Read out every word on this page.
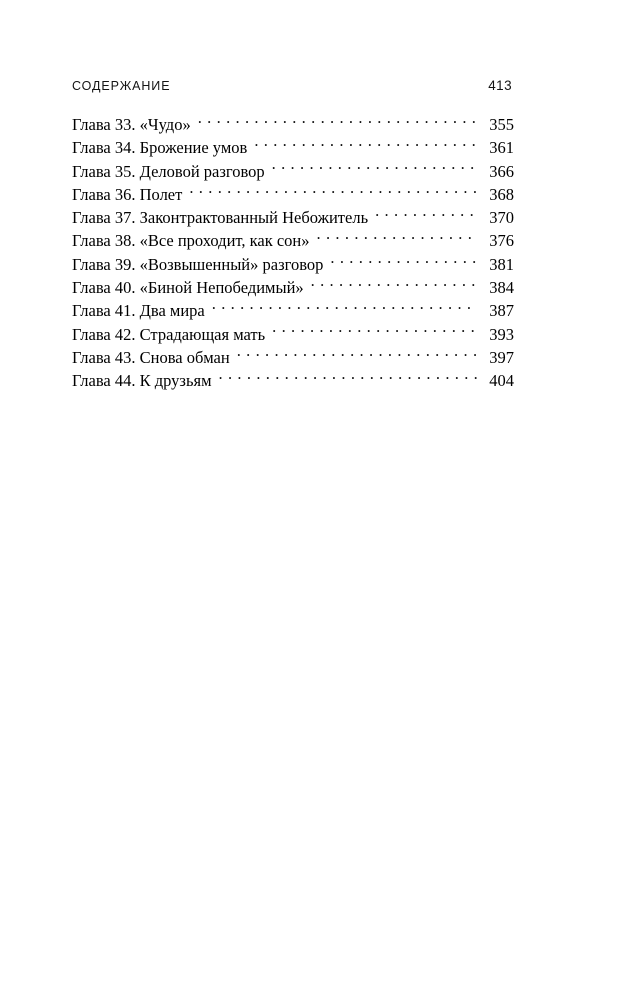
СОДЕРЖАНИЕ	413
Глава 33. «Чудо» . . .	355
Глава 34. Брожение умов . . .	361
Глава 35. Деловой разговор . . .	366
Глава 36. Полет . . .	368
Глава 37. Законтрактованный Небожитель . . .	370
Глава 38. «Все проходит, как сон» . . .	376
Глава 39. «Возвышенный» разговор . . .	381
Глава 40. «Биной Непобедимый» . . .	384
Глава 41. Два мира . . .	387
Глава 42. Страдающая мать . . .	393
Глава 43. Снова обман . . .	397
Глава 44. К друзьям . . .	404
